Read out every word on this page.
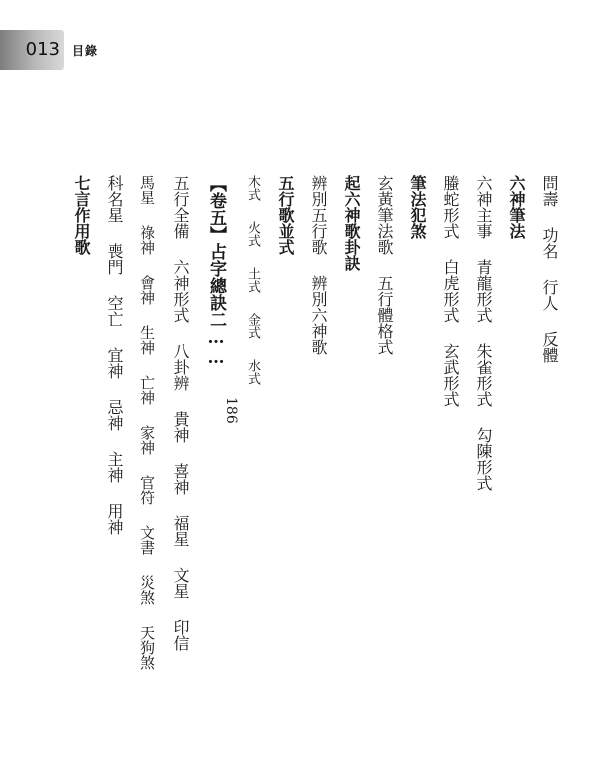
013	目錄
問壽功名行人反體
六神筆法
六神主事青龍形式朱雀形式勾陳形式
螣蛇形式白虎形式玄武形式
筆法犯煞
玄黃筆法歌五行體格式
起六神歌卦訣
辨別五行歌辨別六神歌
五行歌並式
木式火式土式金式水式
【卷五】占字總訣二……
186
五行全備六神形式八卦辨貴神喜神福星文星印信
馬星祿神會神生神亡神家神官符文書災煞天狗煞
科名星喪門空亡宜神忌神主神用神
七言作用歌
